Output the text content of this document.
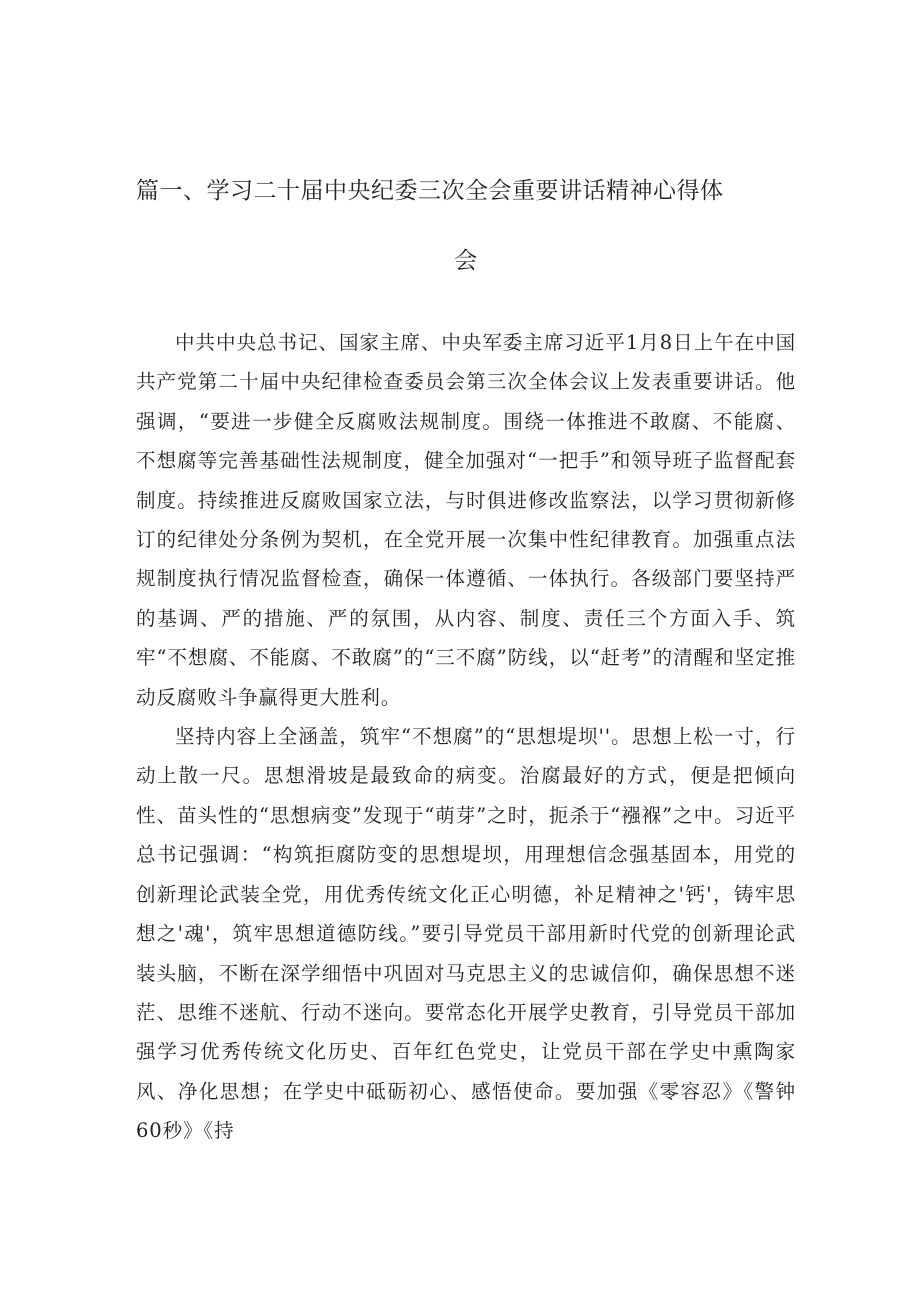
篇一、学习二十届中央纪委三次全会重要讲话精神心得体
会

中共中央总书记、国家主席、中央军委主席习近平1月8日上午在中国共产党第二十届中央纪律检查委员会第三次全体会议上发表重要讲话。他强调，“要进一步健全反腐败法规制度。围绕一体推进不敢腐、不能腐、不想腐等完善基础性法规制度，健全加强对“一把手”和领导班子监督配套制度。持续推进反腐败国家立法，与时俱进修改监察法，以学习贯彻新修订的纪律处分条例为契机，在全党开展一次集中性纪律教育。加强重点法规制度执行情况监督检查，确保一体遵循、一体执行。各级部门要坚持严的基调、严的措施、严的氛围，从内容、制度、责任三个方面入手、筑牢“不想腐、不能腐、不敢腐”的“三不腐”防线，以“赶考”的清醒和坚定推动反腐败斗争赢得更大胜利。

坚持内容上全涵盖，筑牢“不想腐”的“思想堤坝''。思想上松一寸，行动上散一尺。思想滑坡是最致命的病变。治腐最好的方式，便是把倾向性、苗头性的“思想病变”发现于“萌芽”之时，扼杀于“襁褓”之中。习近平总书记强调：“构筑拒腐防变的思想堤坝，用理想信念强基固本，用党的创新理论武装全党，用优秀传统文化正心明德，补足精神之'钙'，铸牢思想之'魂'，筑牢思想道德防线。”要引导党员干部用新时代党的创新理论武装头脑，不断在深学细悟中巩固对马克思主义的忠诚信仰，确保思想不迷茫、思维不迷航、行动不迷向。要常态化开展学史教育，引导党员干部加强学习优秀传统文化历史、百年红色党史，让党员干部在学史中熏陶家风、净化思想；在学史中砥砺初心、感悟使命。要加强《零容忍》《警钟60秒》《持
